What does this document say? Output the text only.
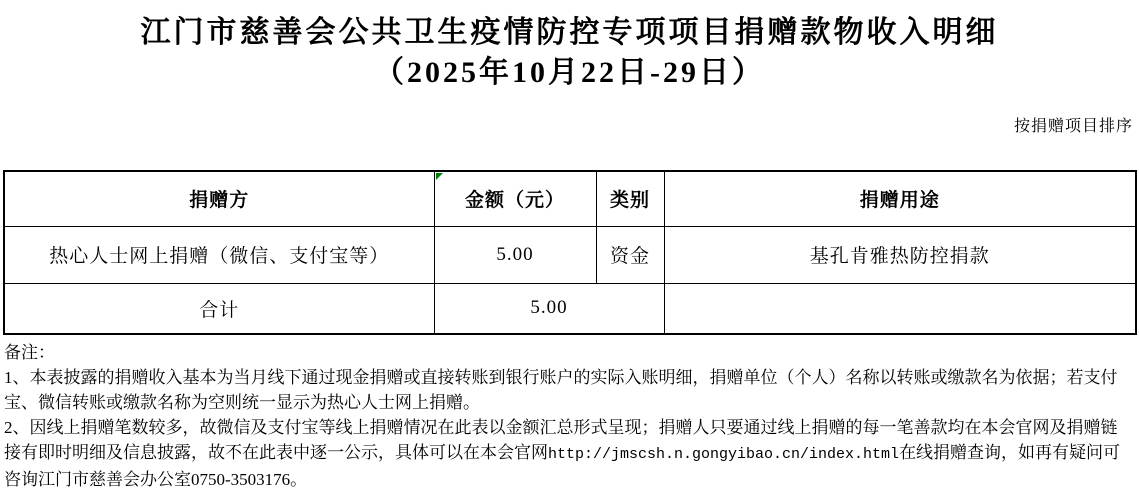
江门市慈善会公共卫生疫情防控专项项目捐赠款物收入明细
（2025年10月22日-29日）
按捐赠项目排序
捐赠方	金额（元）	类别	捐赠用途
热心人士网上捐赠（微信、支付宝等）	5.00	资金	基孔肯雅热防控捐款
合计	5.00		

备注：

1、本表披露的捐赠收入基本为当月线下通过现金捐赠或直接转账到银行账户的实际入账明细，捐赠单位（个人）名称以转账或缴款名为依据；若支付宝、微信转账或缴款名称为空则统一显示为热心人士网上捐赠。

2、因线上捐赠笔数较多，故微信及支付宝等线上捐赠情况在此表以金额汇总形式呈现；捐赠人只要通过线上捐赠的每一笔善款均在本会官网及捐赠链接有即时明细及信息披露，故不在此表中逐一公示，具体可以在本会官网http://jmscsh.n.gongyibao.cn/index.html在线捐赠查询，如再有疑问可咨询江门市慈善会办公室0750-3503176。
